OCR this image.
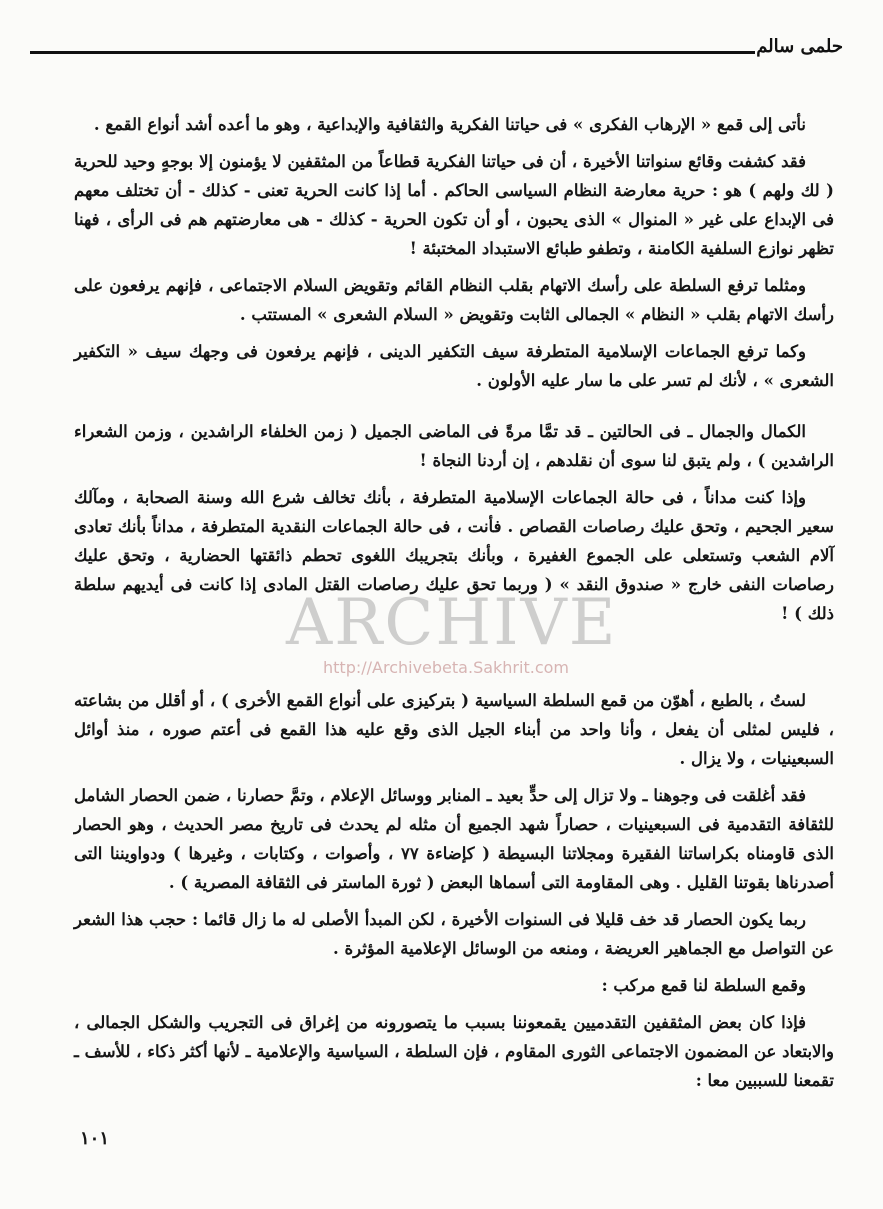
حلمى سالم

نأتى إلى قمع « الإرهاب الفكرى » فى حياتنا الفكرية والثقافية والإبداعية ، وهو ما أعده أشد أنواع القمع .

فقد كشفت وقائع سنواتنا الأخيرة ، أن فى حياتنا الفكرية قطاعاً من المثقفين لا يؤمنون إلا بوجهٍ وحيد للحرية ( لك ولهم ) هو : حرية معارضة النظام السياسى الحاكم . أما إذا كانت الحرية تعنى - كذلك - أن تختلف معهم فى الإبداع على غير « المنوال » الذى يحبون ، أو أن تكون الحرية - كذلك - هى معارضتهم هم فى الرأى ، فهنا تظهر نوازع السلفية الكامنة ، وتطفو طبائع الاستبداد المختبئة !

ومثلما ترفع السلطة على رأسك الاتهام بقلب النظام القائم وتقويض السلام الاجتماعى ، فإنهم يرفعون على رأسك الاتهام بقلب « النظام » الجمالى الثابت وتقويض « السلام الشعرى » المستتب .

وكما ترفع الجماعات الإسلامية المتطرفة سيف التكفير الدينى ، فإنهم يرفعون فى وجهك سيف « التكفير الشعرى » ، لأنك لم تسر على ما سار عليه الأولون .

الكمال والجمال ـ فى الحالتين ـ قد تمَّا مرةً فى الماضى الجميل ( زمن الخلفاء الراشدين ، وزمن الشعراء الراشدين ) ، ولم يتبق لنا سوى أن نقلدهم ، إن أردنا النجاة !

وإذا كنت مداناً ، فى حالة الجماعات الإسلامية المتطرفة ، بأنك تخالف شرع الله وسنة الصحابة ، ومآلك سعير الجحيم ، وتحق عليك رصاصات القصاص . فأنت ، فى حالة الجماعات النقدية المتطرفة ، مداناً بأنك تعادى آلام الشعب وتستعلى على الجموع الغفيرة ، وبأنك بتجريبك اللغوى تحطم ذائقتها الحضارية ، وتحق عليك رصاصات النفى خارج « صندوق النقد » ( وربما تحق عليك رصاصات القتل المادى إذا كانت فى أيديهم سلطة ذلك ) !

لستُ ، بالطبع ، أهوّن من قمع السلطة السياسية ( بتركيزى على أنواع القمع الأخرى ) ، أو أقلل من بشاعته ، فليس لمثلى أن يفعل ، وأنا واحد من أبناء الجيل الذى وقع عليه هذا القمع فى أعتم صوره ، منذ أوائل السبعينيات ، ولا يزال .

فقد أغلقت فى وجوهنا ـ ولا تزال إلى حدٍّ بعيد ـ المنابر ووسائل الإعلام ، وتمَّ حصارنا ، ضمن الحصار الشامل للثقافة التقدمية فى السبعينيات ، حصاراً شهد الجميع أن مثله لم يحدث فى تاريخ مصر الحديث ، وهو الحصار الذى قاومناه بكراساتنا الفقيرة ومجلاتنا البسيطة ( كإضاءة ٧٧ ، وأصوات ، وكتابات ، وغيرها ) ودواويننا التى أصدرناها بقوتنا القليل . وهى المقاومة التى أسماها البعض ( ثورة الماستر فى الثقافة المصرية ) .

ربما يكون الحصار قد خف قليلا فى السنوات الأخيرة ، لكن المبدأ الأصلى له ما زال قائما : حجب هذا الشعر عن التواصل مع الجماهير العريضة ، ومنعه من الوسائل الإعلامية المؤثرة .

وقمع السلطة لنا قمع مركب :

فإذا كان بعض المثقفين التقدميين يقمعوننا بسبب ما يتصورونه من إغراق فى التجريب والشكل الجمالى ، والابتعاد عن المضمون الاجتماعى الثورى المقاوم ، فإن السلطة ، السياسية والإعلامية ـ لأنها أكثر ذكاء ، للأسف ـ تقمعنا للسببين معا :

ARCHIVE
http://Archivebeta.Sakhrit.com
١٠١
